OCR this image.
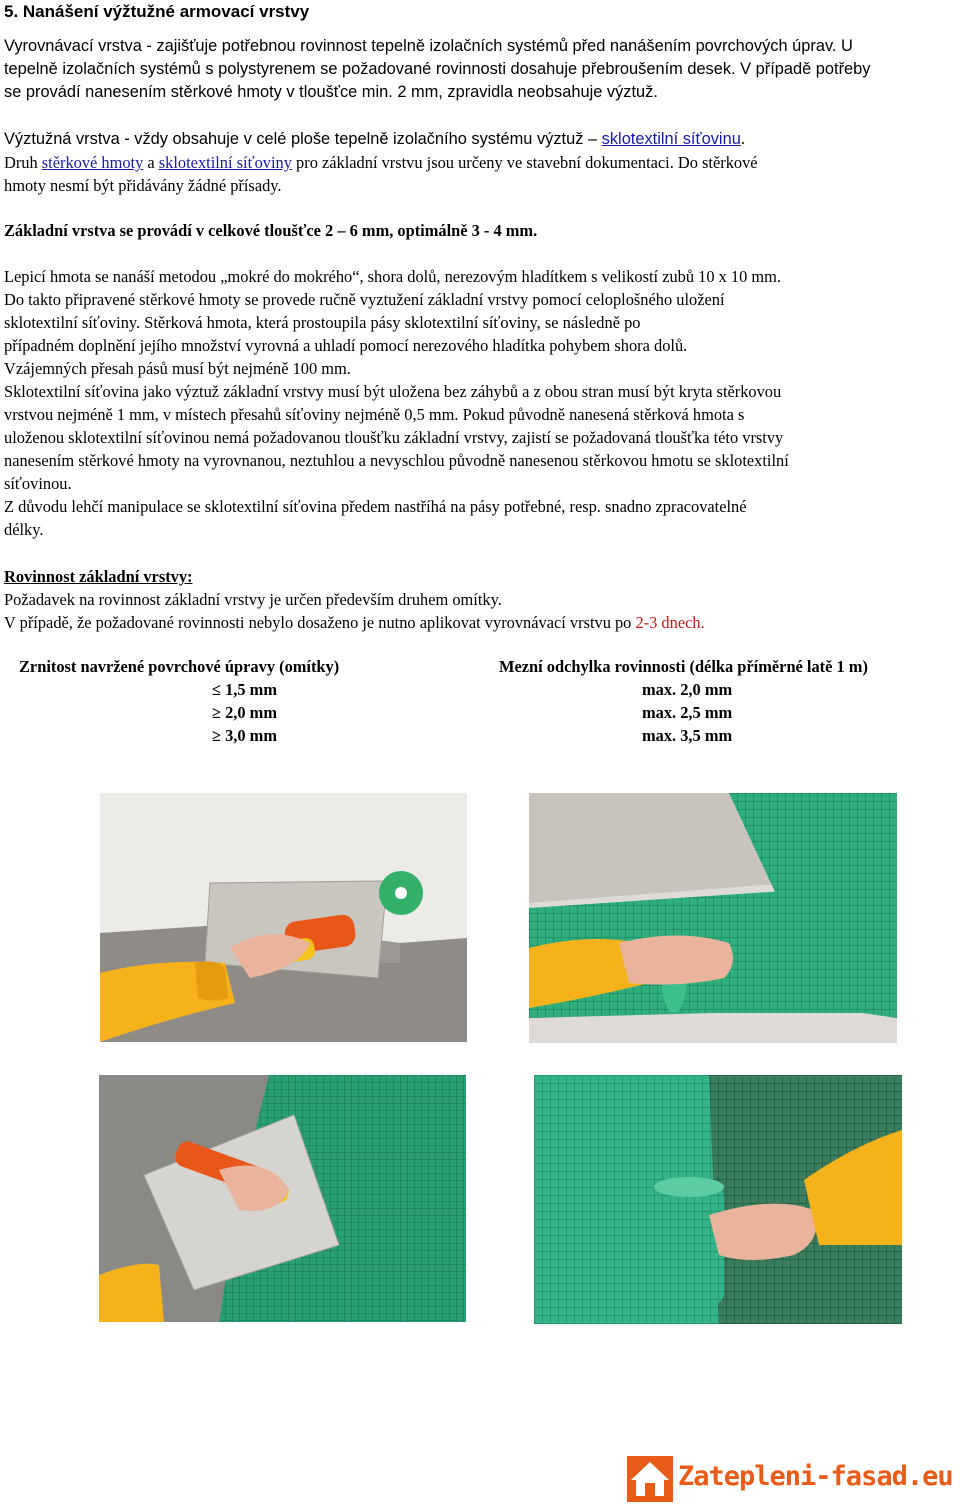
5. Nanášení výžtužné armovací vrstvy

Vyrovnávací vrstva - zajišťuje potřebnou rovinnost tepelně izolačních systémů před nanášením povrchových úprav. U

tepelně izolačních systémů s polystyrenem se požadované rovinnosti dosahuje přebroušením desek. V případě potřeby

se provádí nanesením stěrkové hmoty v tloušťce min. 2 mm, zpravidla neobsahuje výztuž.

Výztužná vrstva - vždy obsahuje v celé ploše tepelně izolačního systému výztuž – sklotextilní síťovinu.

Druh stěrkové hmoty a sklotextilní síťoviny pro základní vrstvu jsou určeny ve stavební dokumentaci. Do stěrkové

hmoty nesmí být přidávány žádné přísady.

Základní vrstva se provádí v celkové tloušťce 2 – 6 mm, optimálně 3 - 4 mm.

Lepicí hmota se nanáší metodou „mokré do mokrého“, shora dolů, nerezovým hladítkem s velikostí zubů 10 x 10 mm.

Do takto připravené stěrkové hmoty se provede ručně vyztužení základní vrstvy pomocí celoplošného uložení

sklotextilní síťoviny. Stěrková hmota, která prostoupila pásy sklotextilní síťoviny, se následně po

případném doplnění jejího množství vyrovná a uhladí pomocí nerezového hladítka pohybem shora dolů.

Vzájemných přesah pásů musí být nejméně 100 mm.

Sklotextilní síťovina jako výztuž základní vrstvy musí být uložena bez záhybů a z obou stran musí být kryta stěrkovou

vrstvou nejméně 1 mm, v místech přesahů síťoviny nejméně 0,5 mm. Pokud původně nanesená stěrková hmota s

uloženou sklotextilní síťovinou nemá požadovanou tloušťku základní vrstvy, zajistí se požadovaná tloušťka této vrstvy

nanesením stěrkové hmoty na vyrovnanou, neztuhlou a nevyschlou původně nanesenou stěrkovou hmotu se sklotextilní

síťovinou.

Z důvodu lehčí manipulace se sklotextilní síťovina předem nastříhá na pásy potřebné, resp. snadno zpracovatelné

délky.

Rovinnost základní vrstvy:

Požadavek na rovinnost základní vrstvy je určen především druhem omítky.

V případě, že požadované rovinnosti nebylo dosaženo je nutno aplikovat vyrovnávací vrstvu po 2-3 dnech.

Zrnitost navržené povrchové úpravy (omítky)
≤ 1,5 mm
≥ 2,0 mm
≥ 3,0 mm
Mezní odchylka rovinnosti (délka příměrné latě 1 m)
max. 2,0 mm
max. 2,5 mm
max. 3,5 mm
Zatepleni-fasad.eu
